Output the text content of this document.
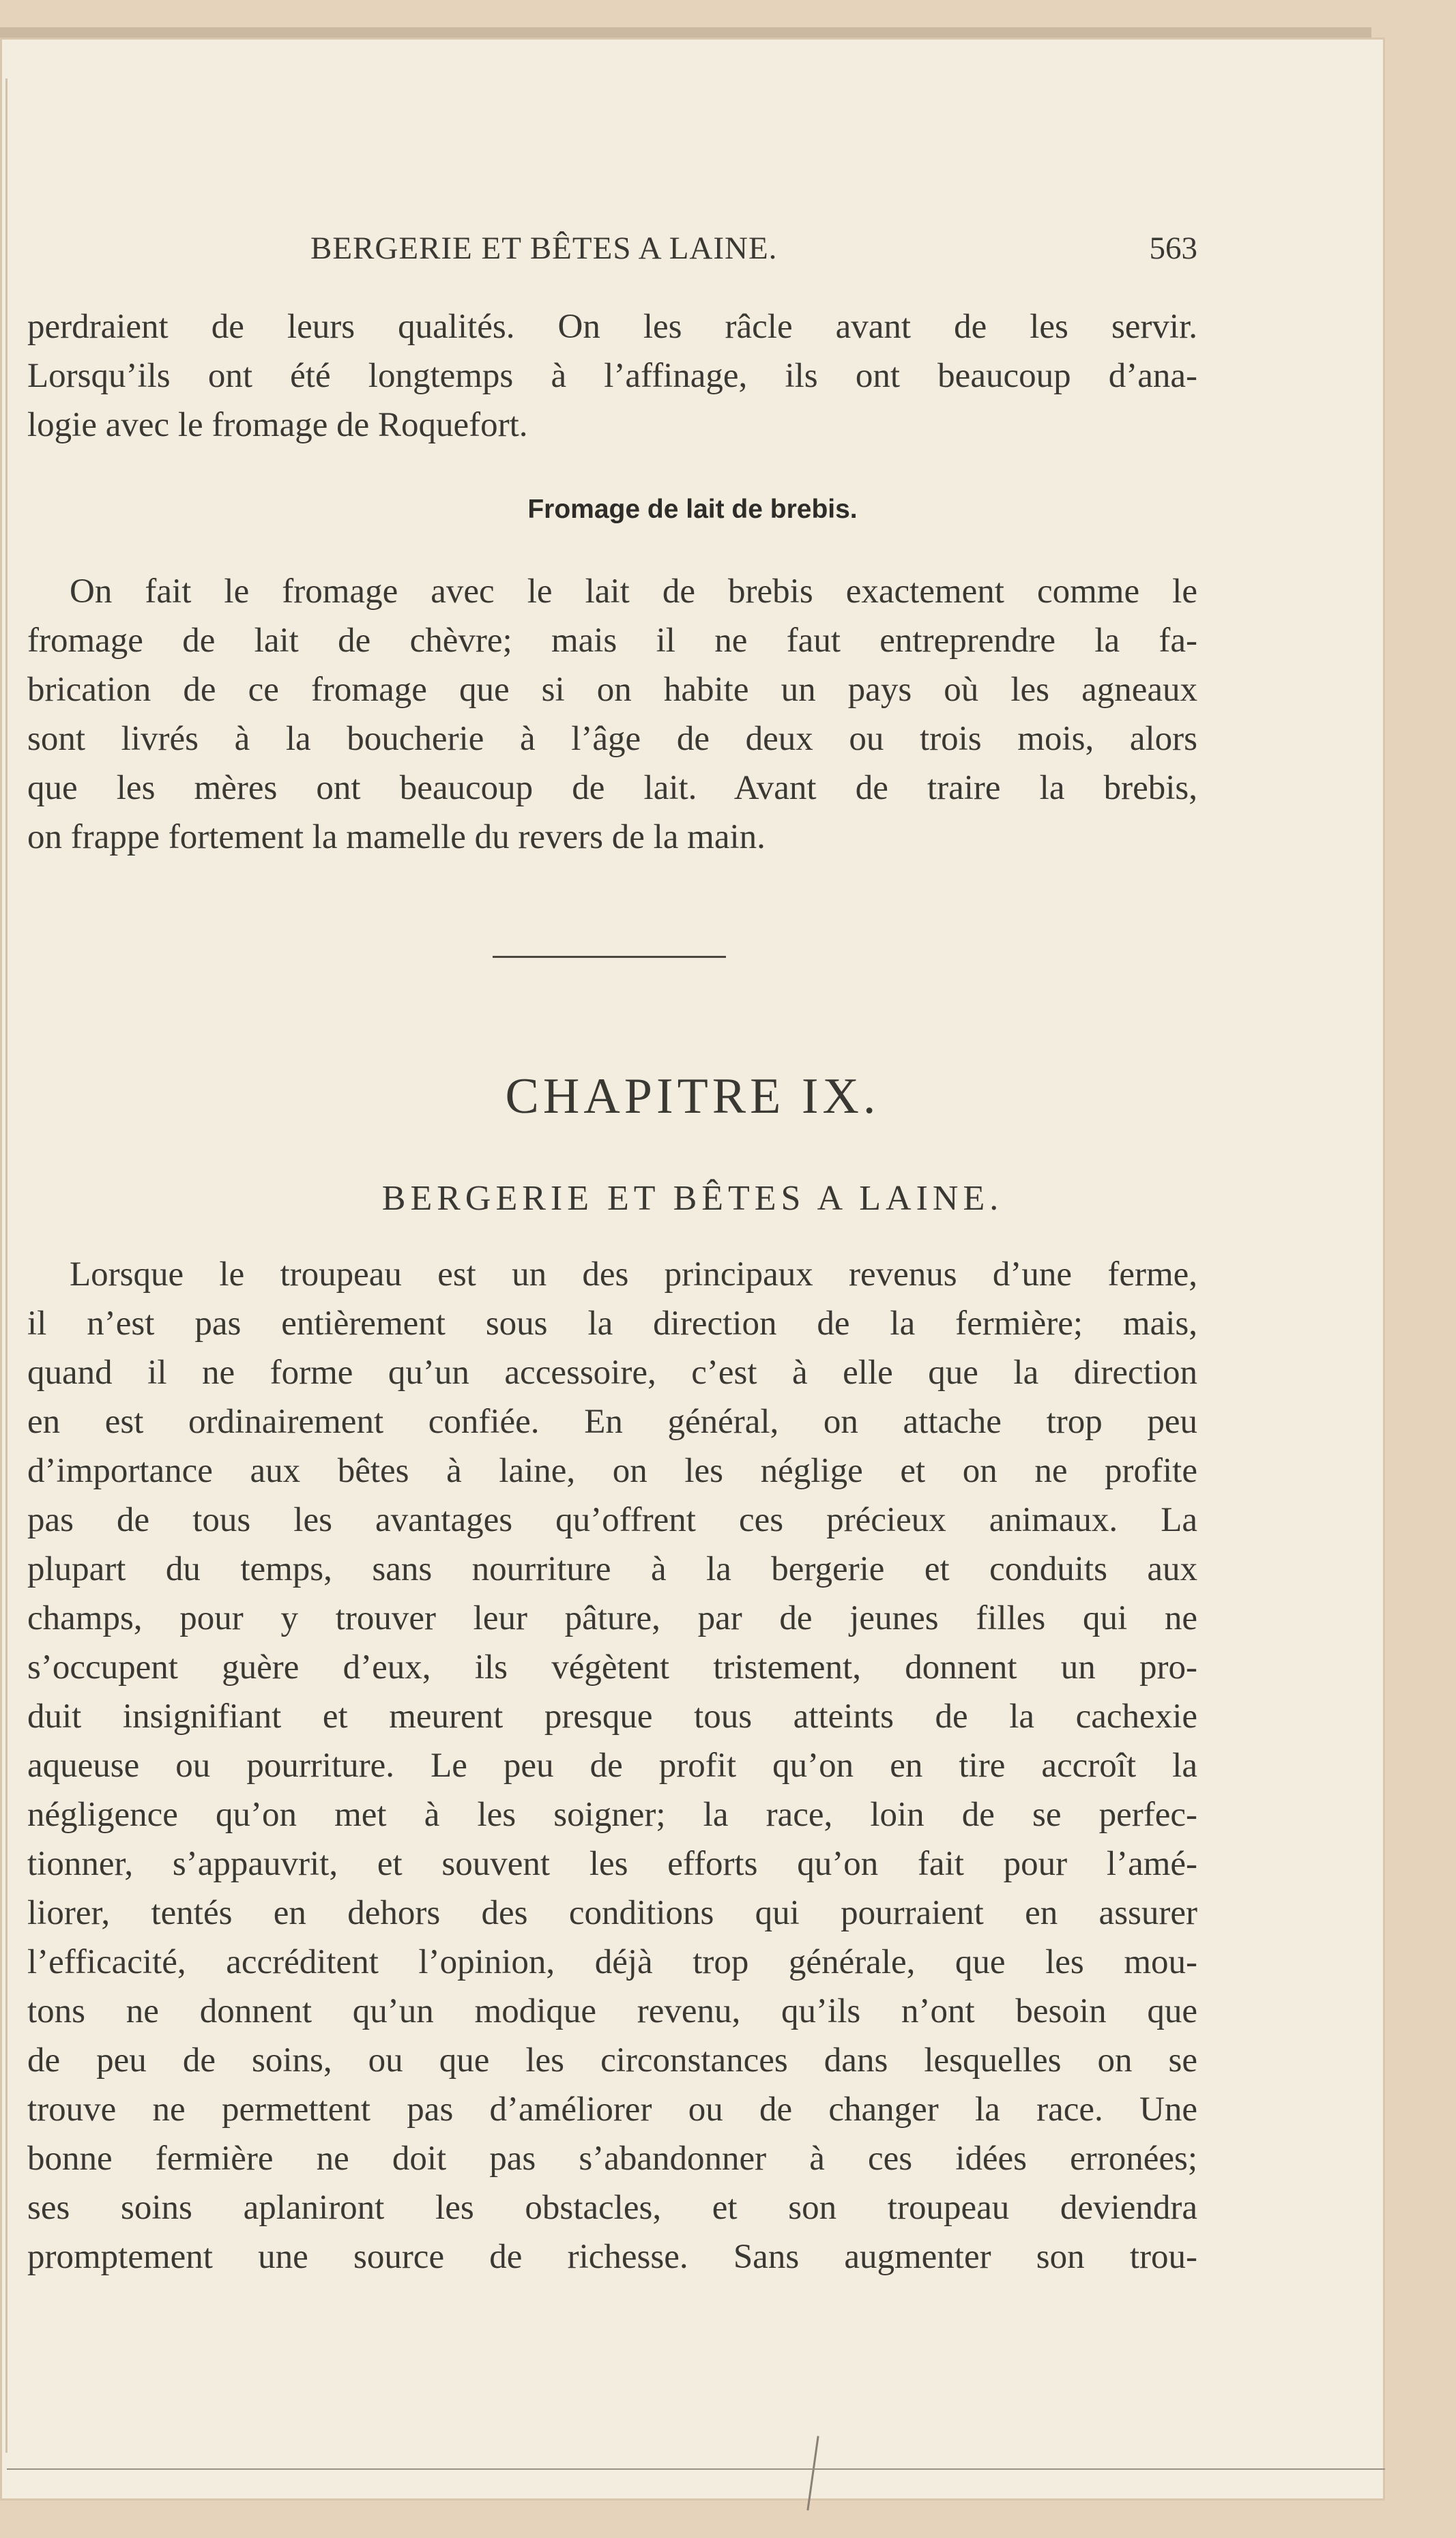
BERGERIE ET BÊTES A LAINE.	563
perdraient de leurs qualités. On les râcle avant de les servir.
Lorsqu’ils ont été longtemps à l’affinage, ils ont beaucoup d’ana-
logie avec le fromage de Roquefort.
Fromage de lait de brebis.
On fait le fromage avec le lait de brebis exactement comme le
fromage de lait de chèvre; mais il ne faut entreprendre la fa-
brication de ce fromage que si on habite un pays où les agneaux
sont livrés à la boucherie à l’âge de deux ou trois mois, alors
que les mères ont beaucoup de lait. Avant de traire la brebis,
on frappe fortement la mamelle du revers de la main.
CHAPITRE IX.
BERGERIE ET BÊTES A LAINE.
Lorsque le troupeau est un des principaux revenus d’une ferme,
il n’est pas entièrement sous la direction de la fermière; mais,
quand il ne forme qu’un accessoire, c’est à elle que la direction
en est ordinairement confiée. En général, on attache trop peu
d’importance aux bêtes à laine, on les néglige et on ne profite
pas de tous les avantages qu’offrent ces précieux animaux. La
plupart du temps, sans nourriture à la bergerie et conduits aux
champs, pour y trouver leur pâture, par de jeunes filles qui ne
s’occupent guère d’eux, ils végètent tristement, donnent un pro-
duit insignifiant et meurent presque tous atteints de la cachexie
aqueuse ou pourriture. Le peu de profit qu’on en tire accroît la
négligence qu’on met à les soigner; la race, loin de se perfec-
tionner, s’appauvrit, et souvent les efforts qu’on fait pour l’amé-
liorer, tentés en dehors des conditions qui pourraient en assurer
l’efficacité, accréditent l’opinion, déjà trop générale, que les mou-
tons ne donnent qu’un modique revenu, qu’ils n’ont besoin que
de peu de soins, ou que les circonstances dans lesquelles on se
trouve ne permettent pas d’améliorer ou de changer la race. Une
bonne fermière ne doit pas s’abandonner à ces idées erronées;
ses soins aplaniront les obstacles, et son troupeau deviendra
promptement une source de richesse. Sans augmenter son trou-
